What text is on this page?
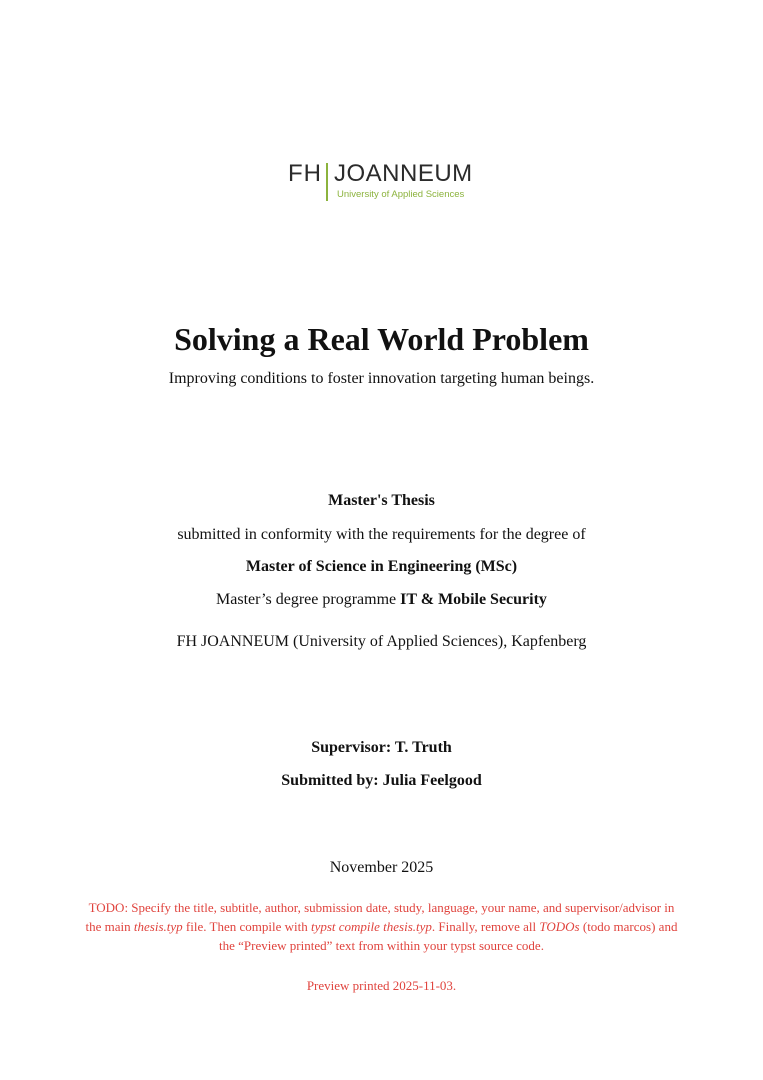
FH JOANNEUM
University of Applied Sciences
Solving a Real World Problem
Improving conditions to foster innovation targeting human beings.
Master's Thesis
submitted in conformity with the requirements for the degree of
Master of Science in Engineering (MSc)
Master’s degree programme IT & Mobile Security
FH JOANNEUM (University of Applied Sciences), Kapfenberg
Supervisor: T. Truth
Submitted by: Julia Feelgood
November 2025
TODO: Specify the title, subtitle, author, submission date, study, language, your name, and supervisor/advisor in the main thesis.typ file. Then compile with typst compile thesis.typ. Finally, remove all TODOs (todo marcos) and the “Preview printed” text from within your typst source code.
Preview printed 2025-11-03.
